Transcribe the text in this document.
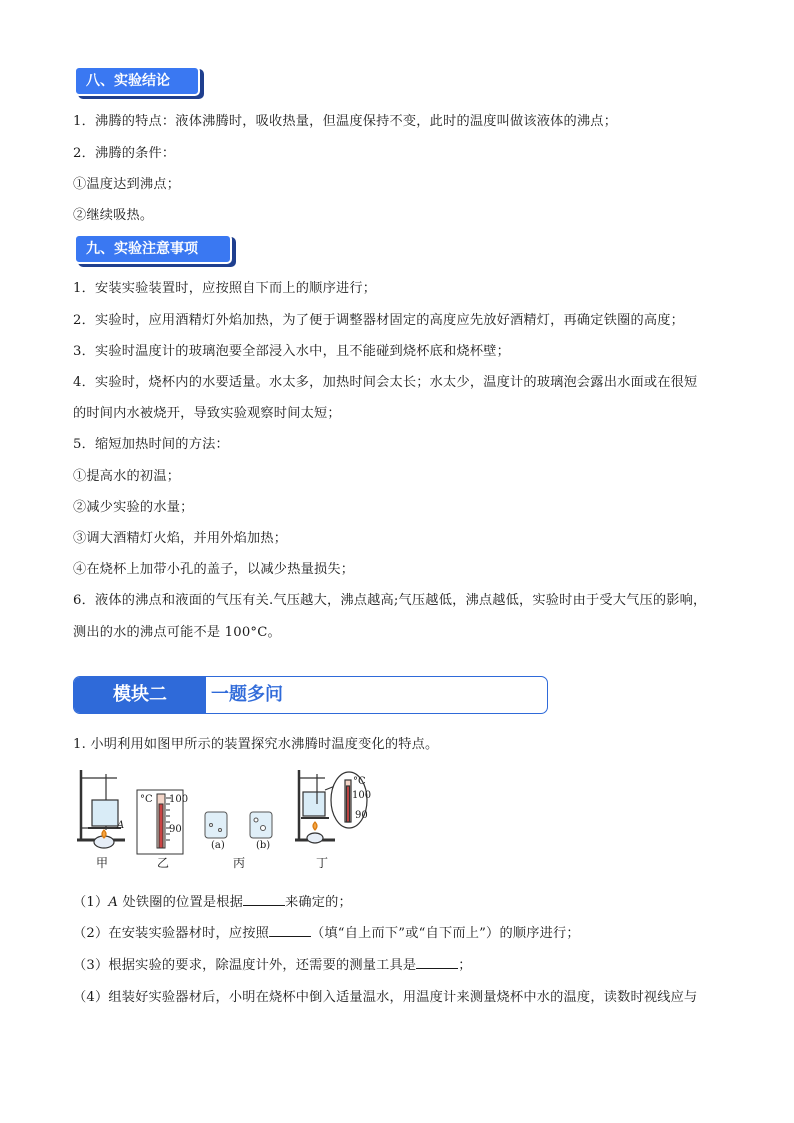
八、实验结论
1．沸腾的特点：液体沸腾时，吸收热量，但温度保持不变，此时的温度叫做该液体的沸点；
2．沸腾的条件：
①温度达到沸点；
②继续吸热。
九、实验注意事项
1．安装实验装置时，应按照自下而上的顺序进行；
2．实验时，应用酒精灯外焰加热，为了便于调整器材固定的高度应先放好酒精灯，再确定铁圈的高度；
3．实验时温度计的玻璃泡要全部浸入水中，且不能碰到烧杯底和烧杯壁；
4．实验时，烧杯内的水要适量。水太多，加热时间会太长；水太少，温度计的玻璃泡会露出水面或在很短
的时间内水被烧开，导致实验观察时间太短；
5．缩短加热时间的方法：
①提高水的初温；
②减少实验的水量；
③调大酒精灯火焰，并用外焰加热；
④在烧杯上加带小孔的盖子，以减少热量损失；
6．液体的沸点和液面的气压有关.气压越大，沸点越高;气压越低，沸点越低，实验时由于受大气压的影响，
测出的水的沸点可能不是 100°C。
模块二	一题多问
1. 小明利用如图甲所示的装置探究水沸腾时温度变化的特点。
A
°C 100
90
(a)	(b)
°C
100
90
甲	乙	丙	丁
（1）A 处铁圈的位置是根据	来确定的；
（2）在安装实验器材时，应按照	（填“自上而下”或“自下而上”）的顺序进行；
（3）根据实验的要求，除温度计外，还需要的测量工具是	；
（4）组装好实验器材后，小明在烧杯中倒入适量温水，用温度计来测量烧杯中水的温度，读数时视线应与
